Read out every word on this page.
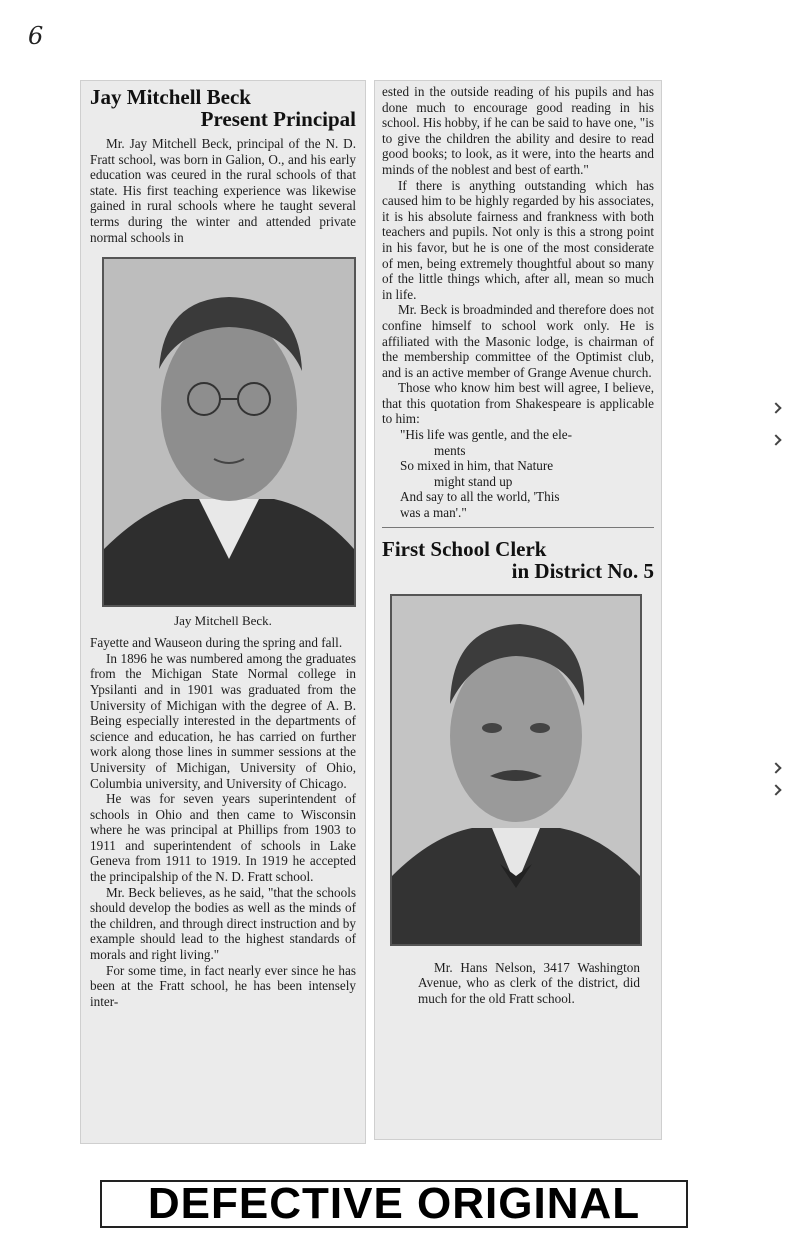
6
Jay Mitchell Beck
Present Principal

Mr. Jay Mitchell Beck, principal of the N. D. Fratt school, was born in Galion, O., and his early education was ceured in the rural schools of that state. His first teaching experience was likewise gained in rural schools where he taught several terms during the winter and attended private normal schools in

Jay Mitchell Beck.

Fayette and Wauseon during the spring and fall.

In 1896 he was numbered among the graduates from the Michigan State Normal college in Ypsilanti and in 1901 was graduated from the University of Michigan with the degree of A. B. Being especially interested in the departments of science and education, he has carried on further work along those lines in summer sessions at the University of Michigan, University of Ohio, Columbia university, and University of Chicago.

He was for seven years superintendent of schools in Ohio and then came to Wisconsin where he was principal at Phillips from 1903 to 1911 and superintendent of schools in Lake Geneva from 1911 to 1919. In 1919 he accepted the principalship of the N. D. Fratt school.

Mr. Beck believes, as he said, "that the schools should develop the bodies as well as the minds of the children, and through direct instruction and by example should lead to the highest standards of morals and right living."

For some time, in fact nearly ever since he has been at the Fratt school, he has been intensely inter-

ested in the outside reading of his pupils and has done much to encourage good reading in his school. His hobby, if he can be said to have one, "is to give the children the ability and desire to read good books; to look, as it were, into the hearts and minds of the noblest and best of earth."

If there is anything outstanding which has caused him to be highly regarded by his associates, it is his absolute fairness and frankness with both teachers and pupils. Not only is this a strong point in his favor, but he is one of the most considerate of men, being extremely thoughtful about so many of the little things which, after all, mean so much in life.

Mr. Beck is broadminded and therefore does not confine himself to school work only. He is affiliated with the Masonic lodge, is chairman of the membership committee of the Optimist club, and is an active member of Grange Avenue church.

Those who know him best will agree, I believe, that this quotation from Shakespeare is applicable to him:

"His life was gentle, and the ele-
ments
So mixed in him, that Nature
might stand up
And say to all the world, 'This
was a man'."
First School Clerk
in District No. 5

Mr. Hans Nelson, 3417 Washington Avenue, who as clerk of the district, did much for the old Fratt school.

DEFECTIVE ORIGINAL
